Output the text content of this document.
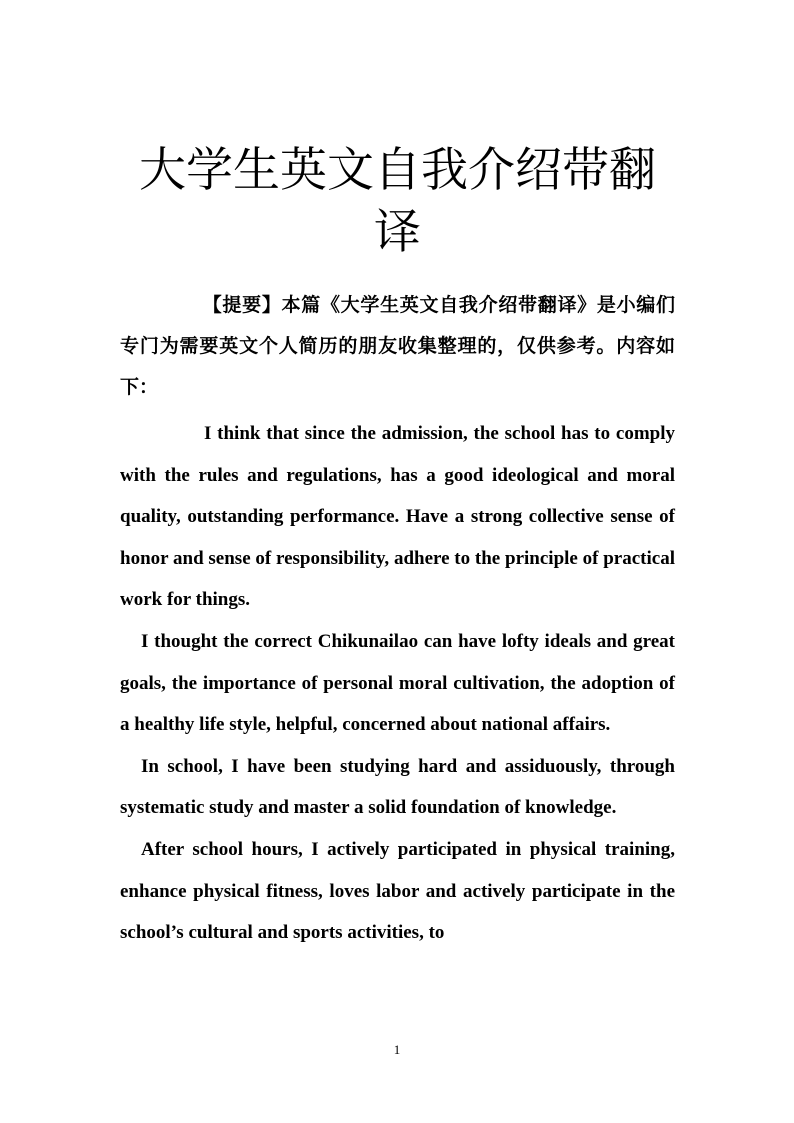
大学生英文自我介绍带翻译

【提要】本篇《大学生英文自我介绍带翻译》是小编们专门为需要英文个人简历的朋友收集整理的，仅供参考。内容如下：

I think that since the admission, the school has to comply with the rules and regulations, has a good ideological and moral quality, outstanding performance. Have a strong collective sense of honor and sense of responsibility, adhere to the principle of practical work for things.

I thought the correct Chikunailao can have lofty ideals and great goals, the importance of personal moral cultivation, the adoption of a healthy life style, helpful, concerned about national affairs.

In school, I have been studying hard and assiduously, through systematic study and master a solid foundation of knowledge.

After school hours, I actively participated in physical training, enhance physical fitness, loves labor and actively participate in the school’s cultural and sports activities, to

1
